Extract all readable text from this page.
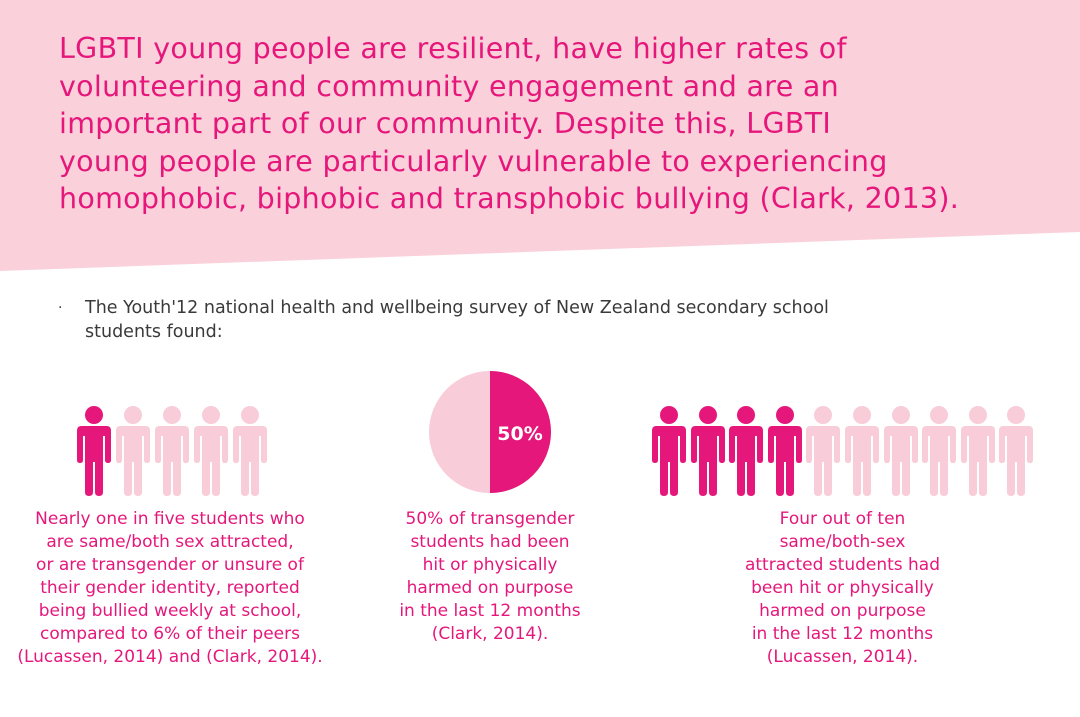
LGBTI young people are resilient, have higher rates of
volunteering and community engagement and are an
important part of our community. Despite this, LGBTI
young people are particularly vulnerable to experiencing
homophobic, biphobic and transphobic bullying (Clark, 2013).
· The Youth'12 national health and wellbeing survey of New Zealand secondary school
students found:
Nearly one in five students who
are same/both sex attracted,
or are transgender or unsure of
their gender identity, reported
being bullied weekly at school,
compared to 6% of their peers
(Lucassen, 2014) and (Clark, 2014).
50%
50% of transgender
students had been
hit or physically
harmed on purpose
in the last 12 months
(Clark, 2014).
Four out of ten
same/both-sex
attracted students had
been hit or physically
harmed on purpose
in the last 12 months
(Lucassen, 2014).
